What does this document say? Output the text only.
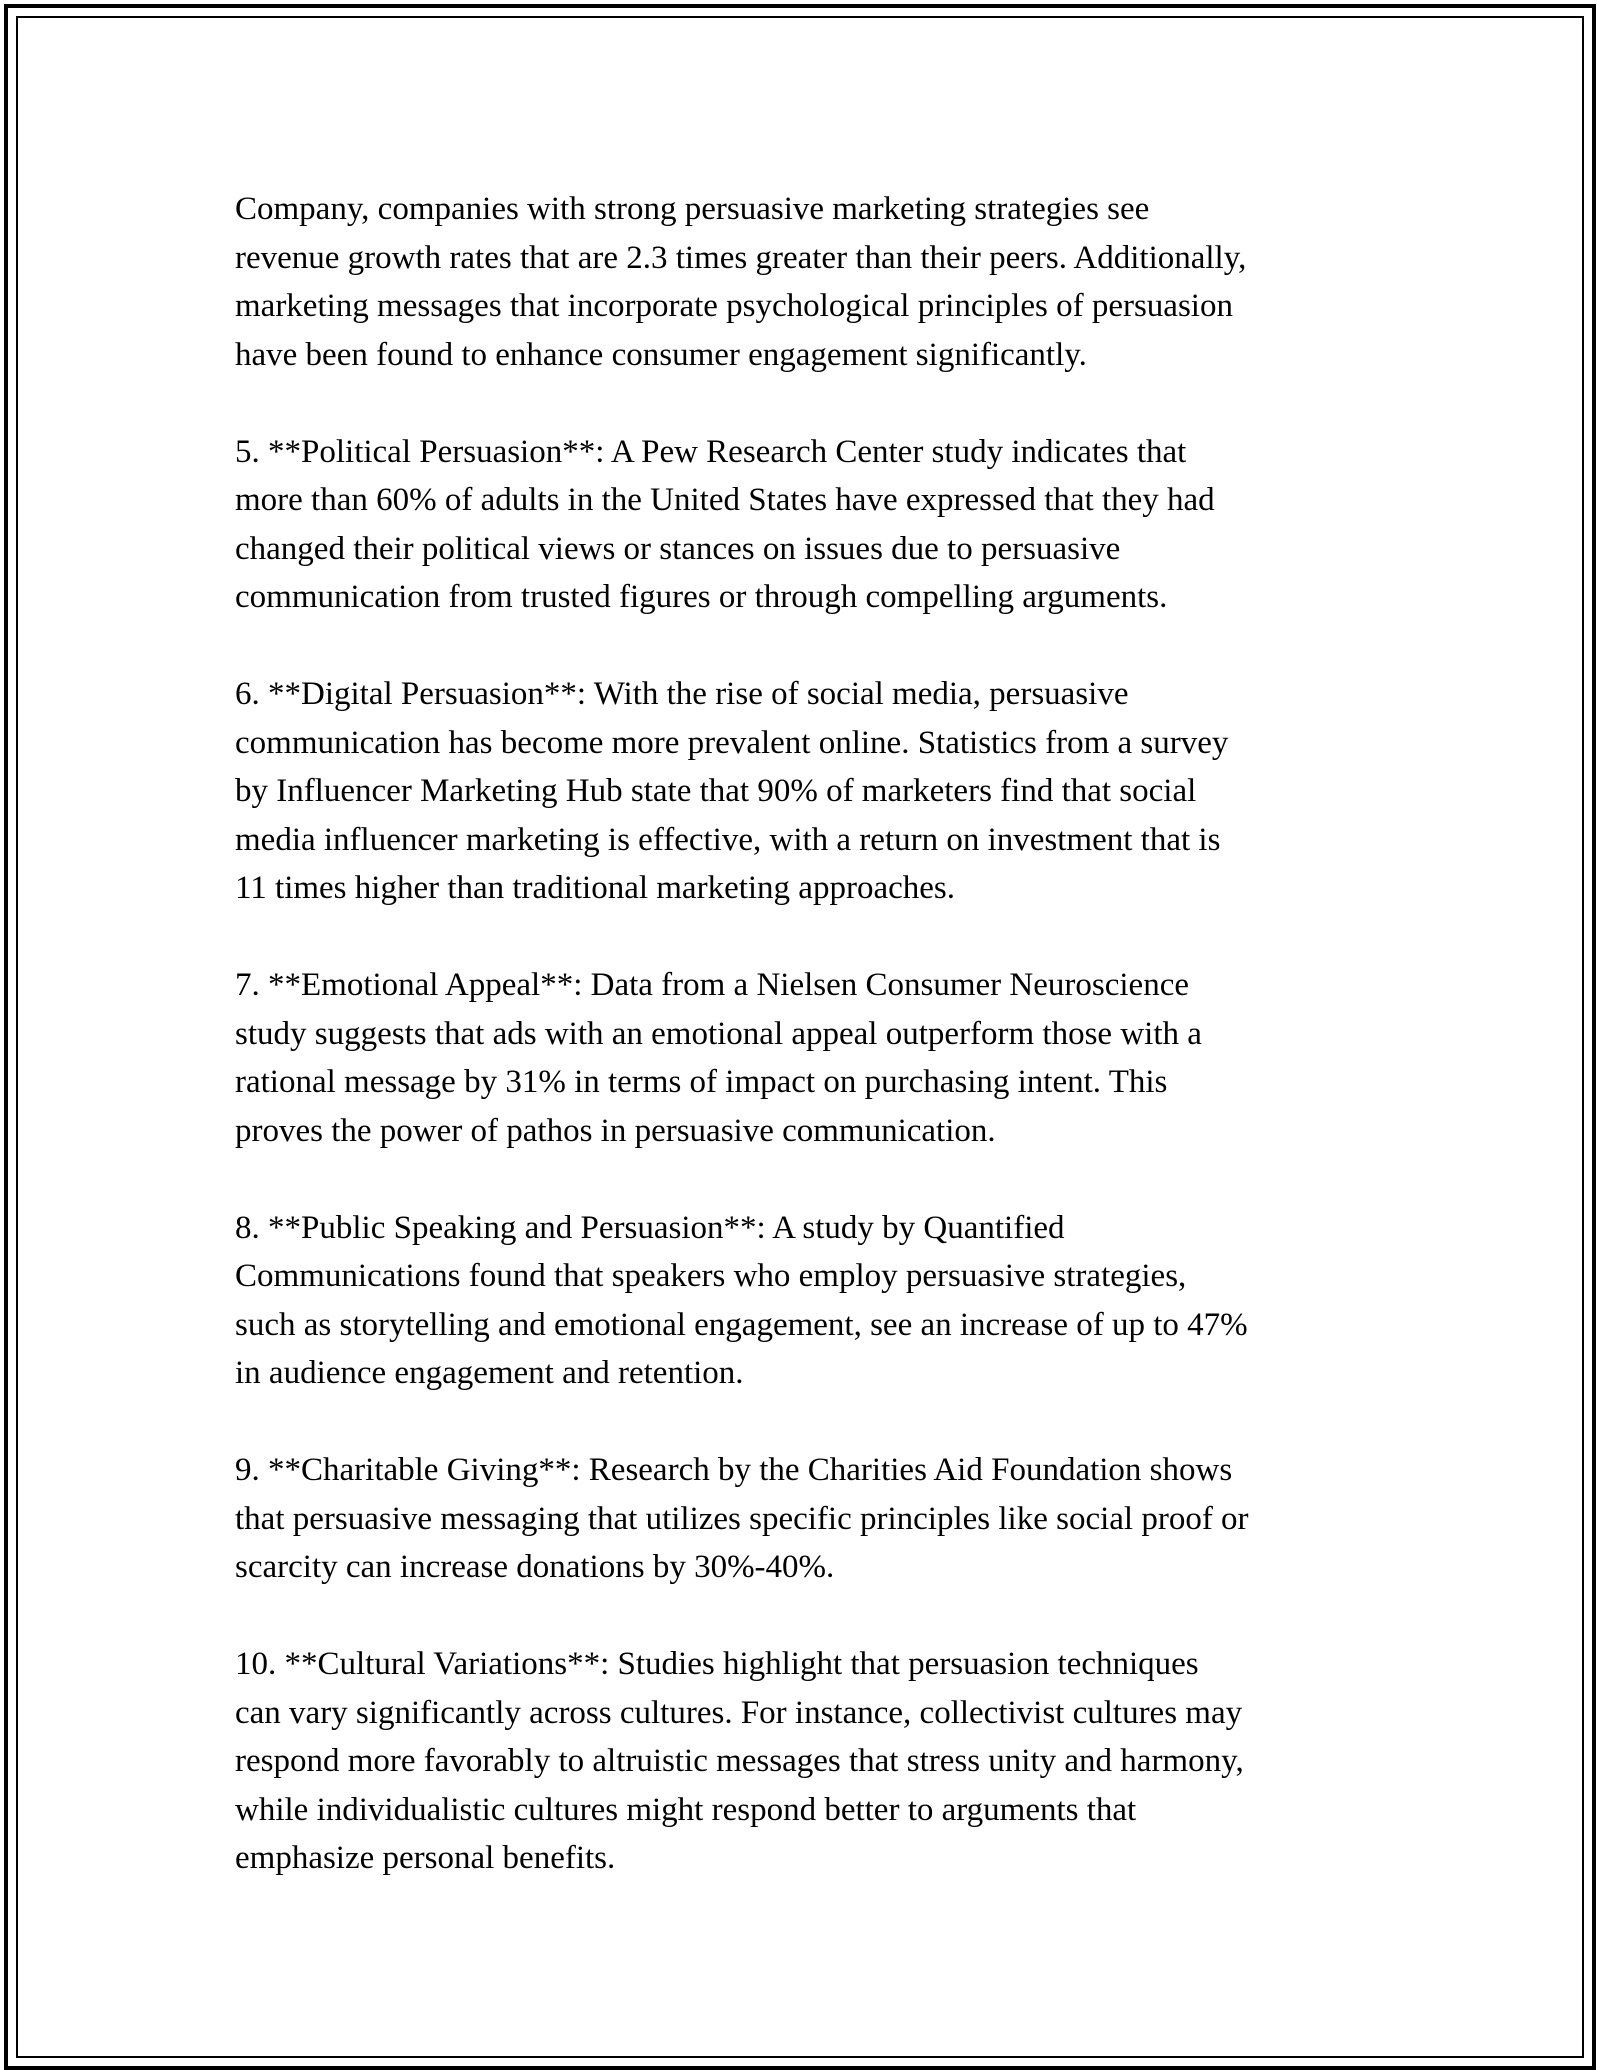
Company, companies with strong persuasive marketing strategies see
revenue growth rates that are 2.3 times greater than their peers. Additionally,
marketing messages that incorporate psychological principles of persuasion
have been found to enhance consumer engagement significantly.

5. **Political Persuasion**: A Pew Research Center study indicates that
more than 60% of adults in the United States have expressed that they had
changed their political views or stances on issues due to persuasive
communication from trusted figures or through compelling arguments.

6. **Digital Persuasion**: With the rise of social media, persuasive
communication has become more prevalent online. Statistics from a survey
by Influencer Marketing Hub state that 90% of marketers find that social
media influencer marketing is effective, with a return on investment that is
11 times higher than traditional marketing approaches.

7. **Emotional Appeal**: Data from a Nielsen Consumer Neuroscience
study suggests that ads with an emotional appeal outperform those with a
rational message by 31% in terms of impact on purchasing intent. This
proves the power of pathos in persuasive communication.

8. **Public Speaking and Persuasion**: A study by Quantified
Communications found that speakers who employ persuasive strategies,
such as storytelling and emotional engagement, see an increase of up to 47%
in audience engagement and retention.

9. **Charitable Giving**: Research by the Charities Aid Foundation shows
that persuasive messaging that utilizes specific principles like social proof or
scarcity can increase donations by 30%-40%.

10. **Cultural Variations**: Studies highlight that persuasion techniques
can vary significantly across cultures. For instance, collectivist cultures may
respond more favorably to altruistic messages that stress unity and harmony,
while individualistic cultures might respond better to arguments that
emphasize personal benefits.
